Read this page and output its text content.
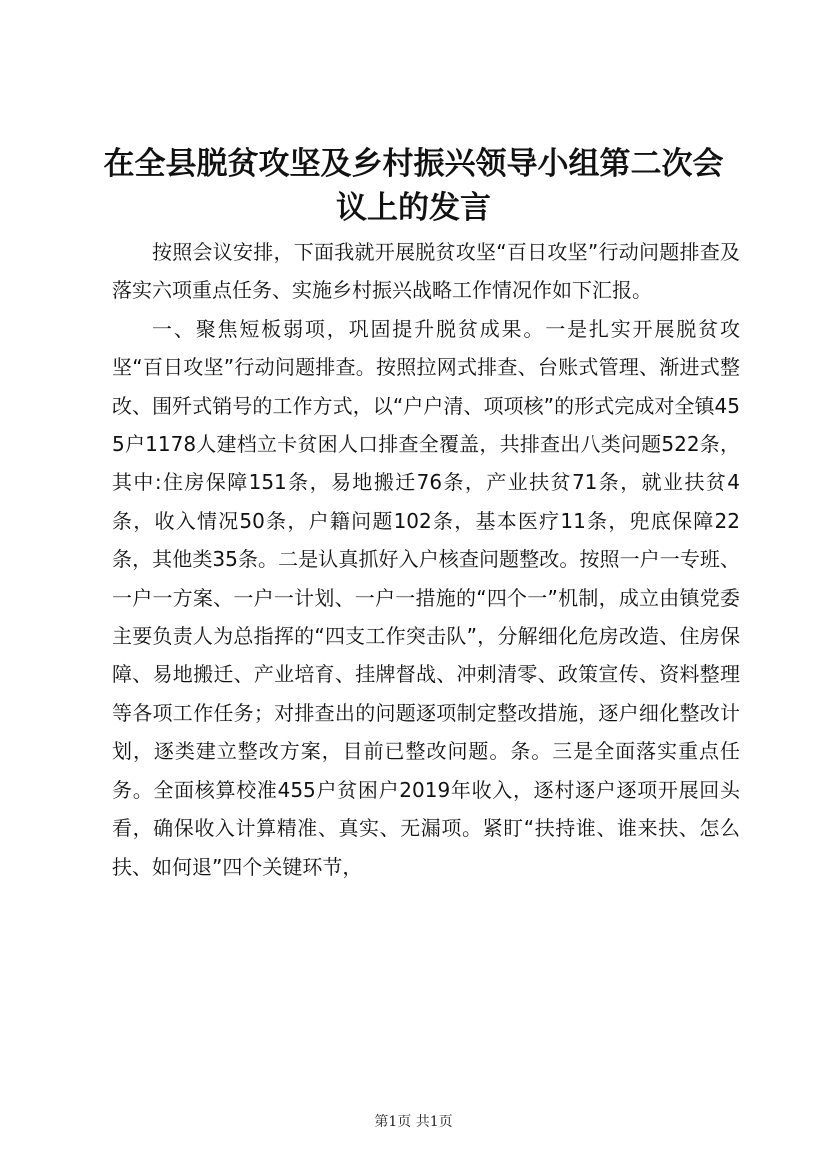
在全县脱贫攻坚及乡村振兴领导小组第二次会
议上的发言

按照会议安排，下面我就开展脱贫攻坚“百日攻坚”行动问题排查及落实六项重点任务、实施乡村振兴战略工作情况作如下汇报。

一、聚焦短板弱项，巩固提升脱贫成果。一是扎实开展脱贫攻坚“百日攻坚”行动问题排查。按照拉网式排查、台账式管理、渐进式整改、围歼式销号的工作方式，以“户户清、项项核”的形式完成对全镇455户1178人建档立卡贫困人口排查全覆盖，共排查出八类问题522条，其中:住房保障151条，易地搬迁76条，产业扶贫71条，就业扶贫4条，收入情况50条，户籍问题102条，基本医疗11条，兜底保障22条，其他类35条。二是认真抓好入户核查问题整改。按照一户一专班、一户一方案、一户一计划、一户一措施的“四个一”机制，成立由镇党委主要负责人为总指挥的“四支工作突击队”，分解细化危房改造、住房保障、易地搬迁、产业培育、挂牌督战、冲刺清零、政策宣传、资料整理等各项工作任务；对排查出的问题逐项制定整改措施，逐户细化整改计划，逐类建立整改方案，目前已整改问题。条。三是全面落实重点任务。全面核算校准455户贫困户2019年收入，逐村逐户逐项开展回头看，确保收入计算精准、真实、无漏项。紧盯“扶持谁、谁来扶、怎么扶、如何退”四个关键环节，

第1页 共1页
